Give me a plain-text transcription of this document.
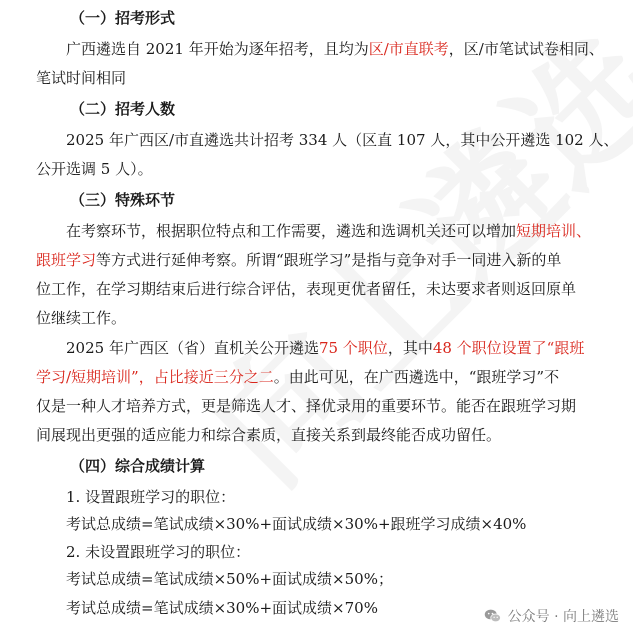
（一）招考形式
广西遴选自 2021 年开始为逐年招考，且均为区/市直联考，区/市笔试试卷相同、
笔试时间相同
（二）招考人数
2025 年广西区/市直遴选共计招考 334 人（区直 107 人，其中公开遴选 102 人、
公开选调 5 人）。
（三）特殊环节
在考察环节，根据职位特点和工作需要，遴选和选调机关还可以增加短期培训、
跟班学习等方式进行延伸考察。所谓“跟班学习”是指与竞争对手一同进入新的单
位工作，在学习期结束后进行综合评估，表现更优者留任，未达要求者则返回原单
位继续工作。
2025 年广西区（省）直机关公开遴选75 个职位，其中48 个职位设置了“跟班
学习/短期培训”，占比接近三分之二。由此可见，在广西遴选中，“跟班学习”不
仅是一种人才培养方式，更是筛选人才、择优录用的重要环节。能否在跟班学习期
间展现出更强的适应能力和综合素质，直接关系到最终能否成功留任。
（四）综合成绩计算
1. 设置跟班学习的职位：
考试总成绩=笔试成绩×30%+面试成绩×30%+跟班学习成绩×40%
2. 未设置跟班学习的职位：
考试总成绩=笔试成绩×50%+面试成绩×50%；
考试总成绩=笔试成绩×30%+面试成绩×70%	公众号 · 向上遴选
